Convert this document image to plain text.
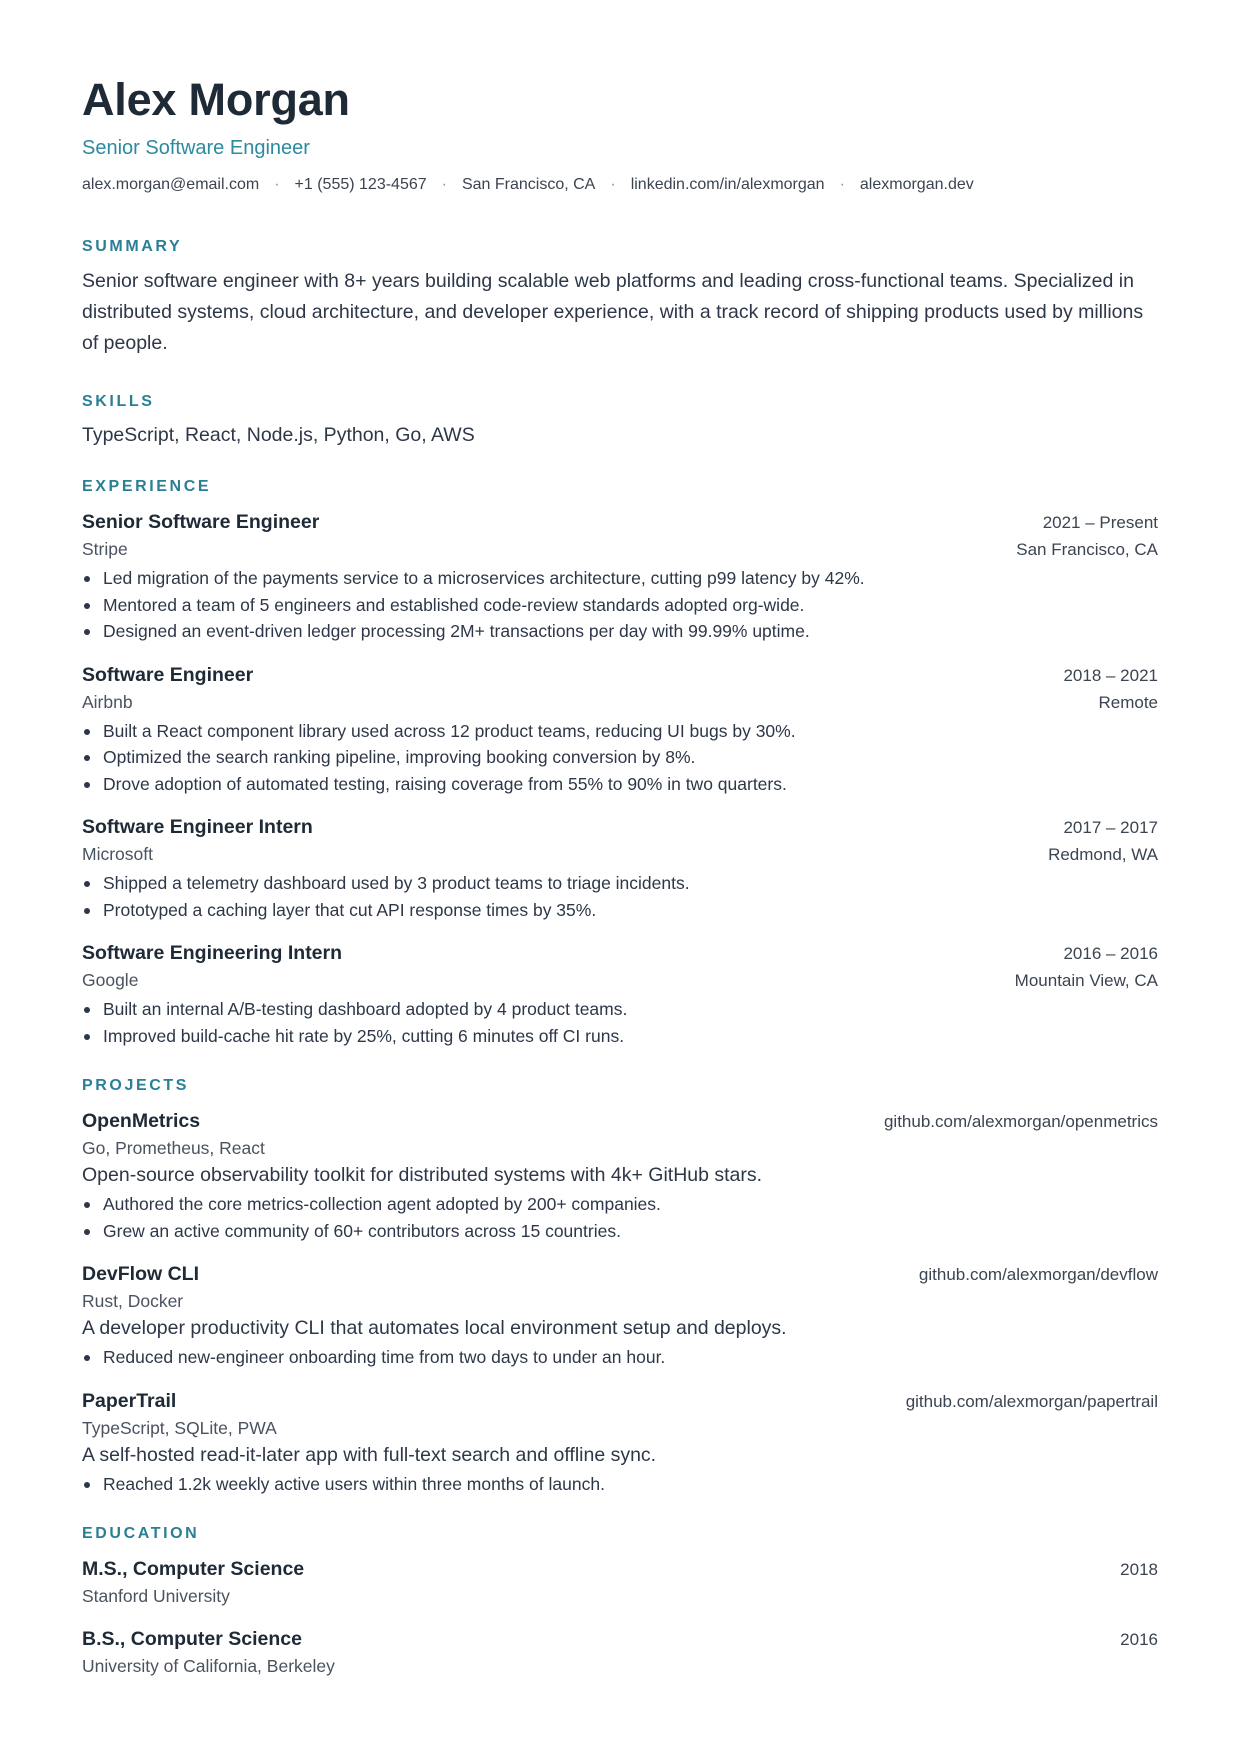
Alex Morgan
Senior Software Engineer
alex.morgan@email.com · +1 (555) 123-4567 · San Francisco, CA · linkedin.com/in/alexmorgan · alexmorgan.dev
SUMMARY
Senior software engineer with 8+ years building scalable web platforms and leading cross-functional teams. Specialized in distributed systems, cloud architecture, and developer experience, with a track record of shipping products used by millions of people.
SKILLS
TypeScript, React, Node.js, Python, Go, AWS
EXPERIENCE
Senior Software Engineer	2021 – Present
Stripe	San Francisco, CA
Led migration of the payments service to a microservices architecture, cutting p99 latency by 42%.
Mentored a team of 5 engineers and established code-review standards adopted org-wide.
Designed an event-driven ledger processing 2M+ transactions per day with 99.99% uptime.
Software Engineer	2018 – 2021
Airbnb	Remote
Built a React component library used across 12 product teams, reducing UI bugs by 30%.
Optimized the search ranking pipeline, improving booking conversion by 8%.
Drove adoption of automated testing, raising coverage from 55% to 90% in two quarters.
Software Engineer Intern	2017 – 2017
Microsoft	Redmond, WA
Shipped a telemetry dashboard used by 3 product teams to triage incidents.
Prototyped a caching layer that cut API response times by 35%.
Software Engineering Intern	2016 – 2016
Google	Mountain View, CA
Built an internal A/B-testing dashboard adopted by 4 product teams.
Improved build-cache hit rate by 25%, cutting 6 minutes off CI runs.
PROJECTS
OpenMetrics	github.com/alexmorgan/openmetrics
Go, Prometheus, React
Open-source observability toolkit for distributed systems with 4k+ GitHub stars.
Authored the core metrics-collection agent adopted by 200+ companies.
Grew an active community of 60+ contributors across 15 countries.
DevFlow CLI	github.com/alexmorgan/devflow
Rust, Docker
A developer productivity CLI that automates local environment setup and deploys.
Reduced new-engineer onboarding time from two days to under an hour.
PaperTrail	github.com/alexmorgan/papertrail
TypeScript, SQLite, PWA
A self-hosted read-it-later app with full-text search and offline sync.
Reached 1.2k weekly active users within three months of launch.
EDUCATION
M.S., Computer Science	2018
Stanford University
B.S., Computer Science	2016
University of California, Berkeley
